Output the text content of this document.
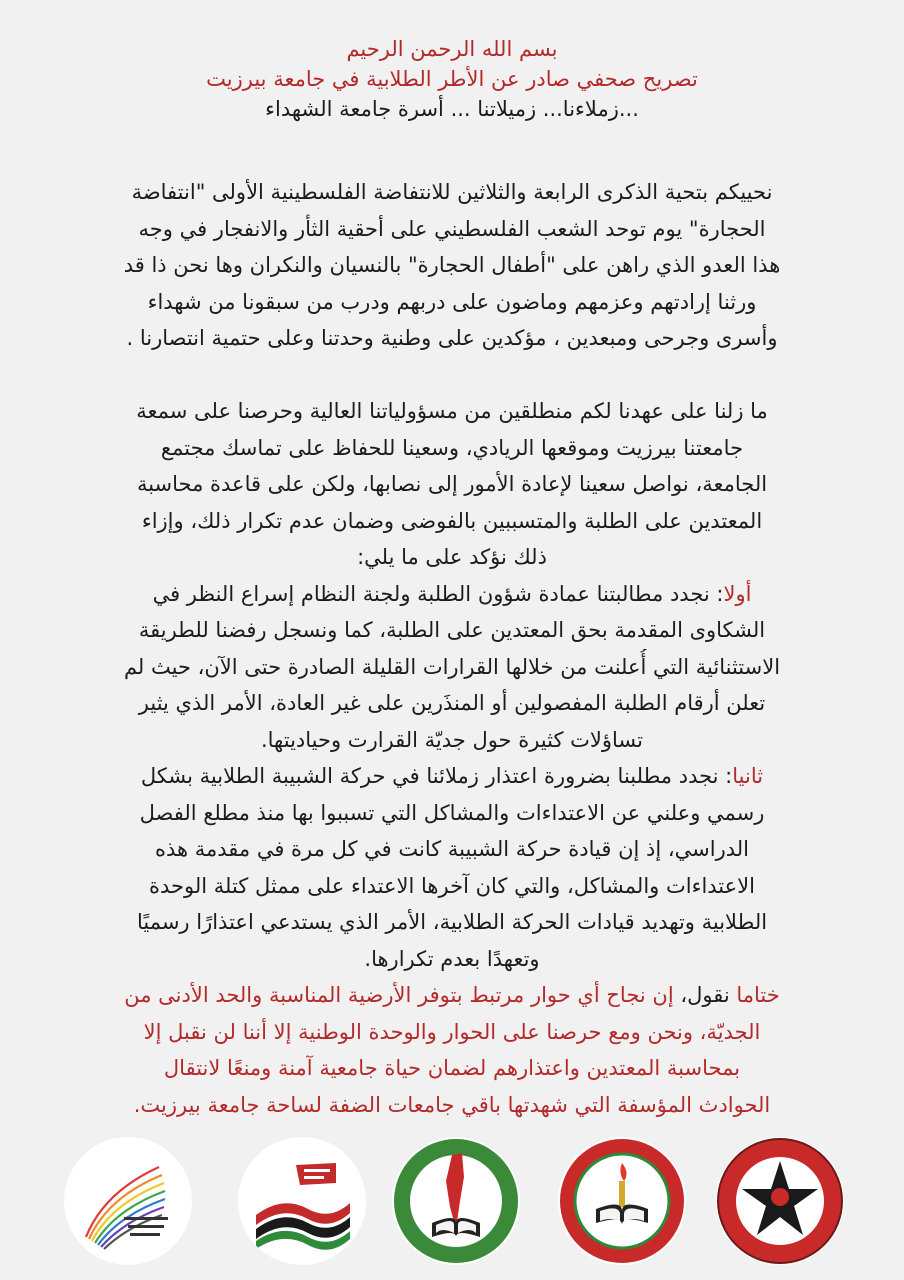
بسم الله الرحمن الرحيم
تصريح صحفي صادر عن الأطر الطلابية في جامعة بيرزيت
زملاءنا... زميلاتنا ... أسرة جامعة الشهداء...
نحييكم بتحية الذكرى الرابعة والثلاثين للانتفاضة الفلسطينية الأولى "انتفاضة
الحجارة" يوم توحد الشعب الفلسطيني على أحقية الثأر والانفجار في وجه
هذا العدو الذي راهن على "أطفال الحجارة" بالنسيان والنكران وها نحن ذا قد
ورثنا إرادتهم وعزمهم وماضون على دربهم ودرب من سبقونا من شهداء
وأسرى وجرحى ومبعدين ، مؤكدين على وطنية وحدتنا وعلى حتمية انتصارنا .
ما زلنا على عهدنا لكم منطلقين من مسؤولياتنا العالية وحرصنا على سمعة
جامعتنا بيرزيت وموقعها الريادي، وسعينا للحفاظ على تماسك مجتمع
الجامعة، نواصل سعينا لإعادة الأمور إلى نصابها، ولكن على قاعدة محاسبة
المعتدين على الطلبة والمتسببين بالفوضى وضمان عدم تكرار ذلك، وإزاء
ذلك نؤكد على ما يلي:
أولا: نجدد مطالبتنا عمادة شؤون الطلبة ولجنة النظام إسراع النظر في
الشكاوى المقدمة بحق المعتدين على الطلبة، كما ونسجل رفضنا للطريقة
الاستثنائية التي أُعلنت من خلالها القرارات القليلة الصادرة حتى الآن، حيث لم
تعلن أرقام الطلبة المفصولين أو المنذَرين على غير العادة، الأمر الذي يثير
تساؤلات كثيرة حول جديّة القرارت وحياديتها.
ثانيا: نجدد مطلبنا بضرورة اعتذار زملائنا في حركة الشبيبة الطلابية بشكل
رسمي وعلني عن الاعتداءات والمشاكل التي تسببوا بها منذ مطلع الفصل
الدراسي، إذ إن قيادة حركة الشبيبة كانت في كل مرة في مقدمة هذه
الاعتداءات والمشاكل، والتي كان آخرها الاعتداء على ممثل كتلة الوحدة
الطلابية وتهديد قيادات الحركة الطلابية، الأمر الذي يستدعي اعتذارًا رسميًا
وتعهدًا بعدم تكرارها.
ختاما نقول، إن نجاح أي حوار مرتبط بتوفر الأرضية المناسبة والحد الأدنى من
الجديّة، ونحن ومع حرصنا على الحوار والوحدة الوطنية إلا أننا لن نقبل إلا
بمحاسبة المعتدين واعتذارهم لضمان حياة جامعية آمنة ومنعًا لانتقال
الحوادث المؤسفة التي شهدتها باقي جامعات الضفة لساحة جامعة بيرزيت.
